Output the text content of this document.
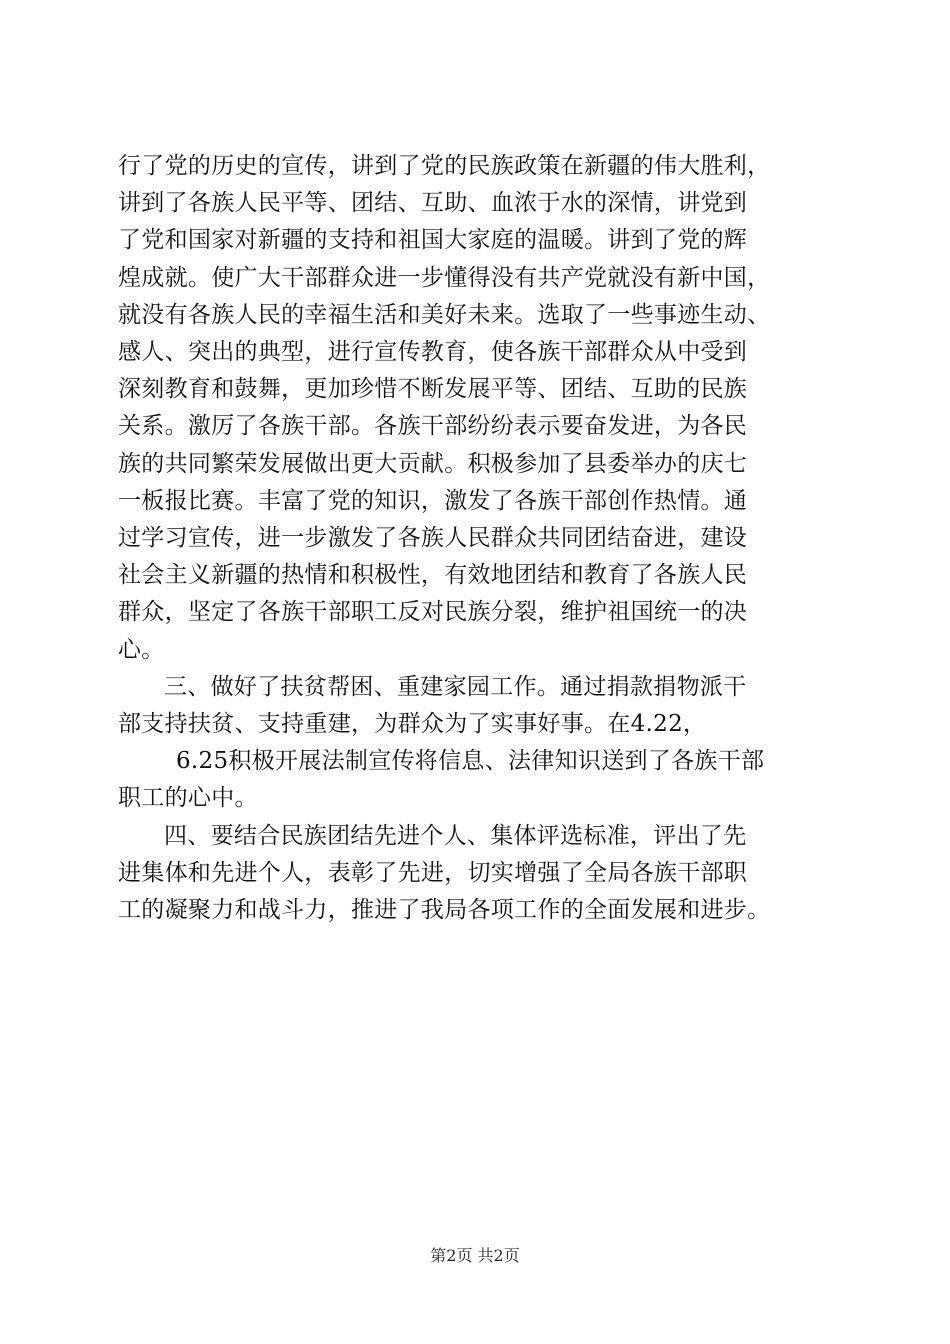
行了党的历史的宣传，讲到了党的民族政策在新疆的伟大胜利，
讲到了各族人民平等、团结、互助、血浓于水的深情，讲党到
了党和国家对新疆的支持和祖国大家庭的温暖。讲到了党的辉
煌成就。使广大干部群众进一步懂得没有共产党就没有新中国，
就没有各族人民的幸福生活和美好未来。选取了一些事迹生动、
感人、突出的典型，进行宣传教育，使各族干部群众从中受到
深刻教育和鼓舞，更加珍惜不断发展平等、团结、互助的民族
关系。激厉了各族干部。各族干部纷纷表示要奋发进，为各民
族的共同繁荣发展做出更大贡献。积极参加了县委举办的庆七
一板报比赛。丰富了党的知识，激发了各族干部创作热情。通
过学习宣传，进一步激发了各族人民群众共同团结奋进，建设
社会主义新疆的热情和积极性，有效地团结和教育了各族人民
群众，坚定了各族干部职工反对民族分裂，维护祖国统一的决
心。
三、做好了扶贫帮困、重建家园工作。通过捐款捐物派干
部支持扶贫、支持重建，为群众为了实事好事。在4.22，
6.25积极开展法制宣传将信息、法律知识送到了各族干部
职工的心中。
四、要结合民族团结先进个人、集体评选标准，评出了先
进集体和先进个人，表彰了先进，切实增强了全局各族干部职
工的凝聚力和战斗力，推进了我局各项工作的全面发展和进步。
第2页 共2页
